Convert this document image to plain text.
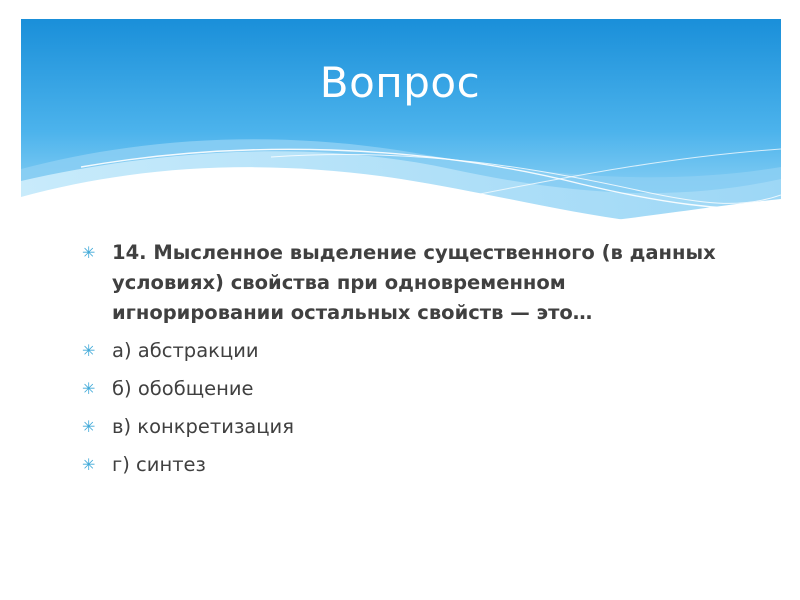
Вопрос
✳ 14. Мысленное выделение существенного (в данных условиях) свойства при одновременном игнорировании остальных свойств — это…
✳ а) абстракции
✳ б) обобщение
✳ в) конкретизация
✳ г) синтез
